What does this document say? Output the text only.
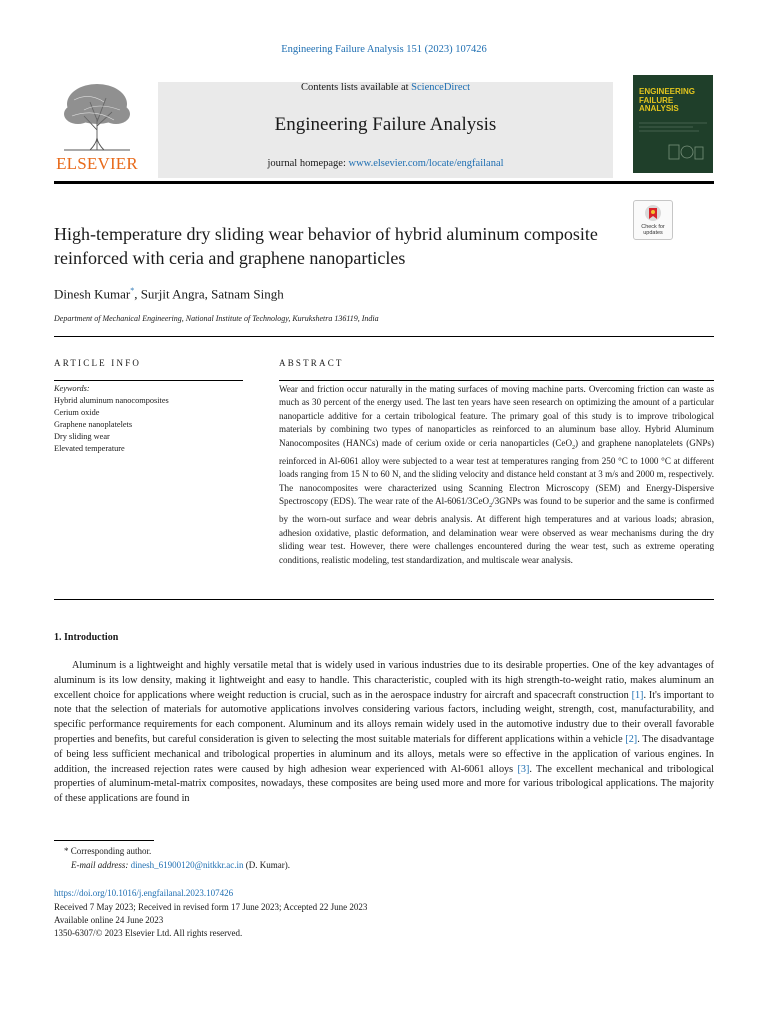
Engineering Failure Analysis 151 (2023) 107426
ELSEVIER
Contents lists available at ScienceDirect
Engineering Failure Analysis
journal homepage: www.elsevier.com/locate/engfailanal
ENGINEERING FAILURE ANALYSIS
Check for updates
High-temperature dry sliding wear behavior of hybrid aluminum composite reinforced with ceria and graphene nanoparticles
Dinesh Kumar*, Surjit Angra, Satnam Singh
Department of Mechanical Engineering, National Institute of Technology, Kurukshetra 136119, India
ARTICLE INFO	ABSTRACT
Keywords:
Hybrid aluminum nanocomposites
Cerium oxide
Graphene nanoplatelets
Dry sliding wear
Elevated temperature
Wear and friction occur naturally in the mating surfaces of moving machine parts. Overcoming friction can waste as much as 30 percent of the energy used. The last ten years have seen research on optimizing the amount of a particular nanoparticle additive for a certain tribological feature. The primary goal of this study is to improve tribological materials by combining two types of nanoparticles as reinforced to an aluminum base alloy. Hybrid Aluminum Nanocomposites (HANCs) made of cerium oxide or ceria nanoparticles (CeO$_2$) and graphene nanoplatelets (GNPs) reinforced in Al-6061 alloy were subjected to a wear test at temperatures ranging from 250 °C to 1000 °C at different loads ranging from 15 N to 60 N, and the sliding velocity and distance held constant at 3 m/s and 2000 m, respectively. The nanocomposites were characterized using Scanning Electron Microscopy (SEM) and Energy-Dispersive Spectroscopy (EDS). The wear rate of the Al-6061/3CeO$_2$/3GNPs was found to be superior and the same is confirmed by the worn-out surface and wear debris analysis. At different high temperatures and at various loads; abrasion, adhesion oxidative, plastic deformation, and delamination wear were observed as wear mechanisms during the dry sliding wear test. However, there were challenges encountered during the wear test, such as extreme operating conditions, realistic modeling, test standardization, and multiscale wear analysis.
1. Introduction

Aluminum is a lightweight and highly versatile metal that is widely used in various industries due to its desirable properties. One of the key advantages of aluminum is its low density, making it lightweight and easy to handle. This characteristic, coupled with its high strength-to-weight ratio, makes aluminum an excellent choice for applications where weight reduction is crucial, such as in the aerospace industry for aircraft and spacecraft construction [1]. It's important to note that the selection of materials for automotive applications involves considering various factors, including weight, strength, cost, manufacturability, and specific performance requirements for each component. Aluminum and its alloys remain widely used in the automotive industry due to their overall favorable properties and benefits, but careful consideration is given to selecting the most suitable materials for different applications within a vehicle [2]. The disadvantage of being less sufficient mechanical and tribological properties in aluminum and its alloys, metals were so effective in the application of various engines. In addition, the increased rejection rates were caused by high adhesion wear experienced with Al-6061 alloys [3]. The excellent mechanical and tribological properties of aluminum-metal-matrix composites, nowadays, these composites are being used more and more for various tribological applications. The majority of these applications are found in

* Corresponding author.
E-mail address: dinesh_61900120@nitkkr.ac.in (D. Kumar).
https://doi.org/10.1016/j.engfailanal.2023.107426
Received 7 May 2023; Received in revised form 17 June 2023; Accepted 22 June 2023
Available online 24 June 2023
1350-6307/© 2023 Elsevier Ltd. All rights reserved.
